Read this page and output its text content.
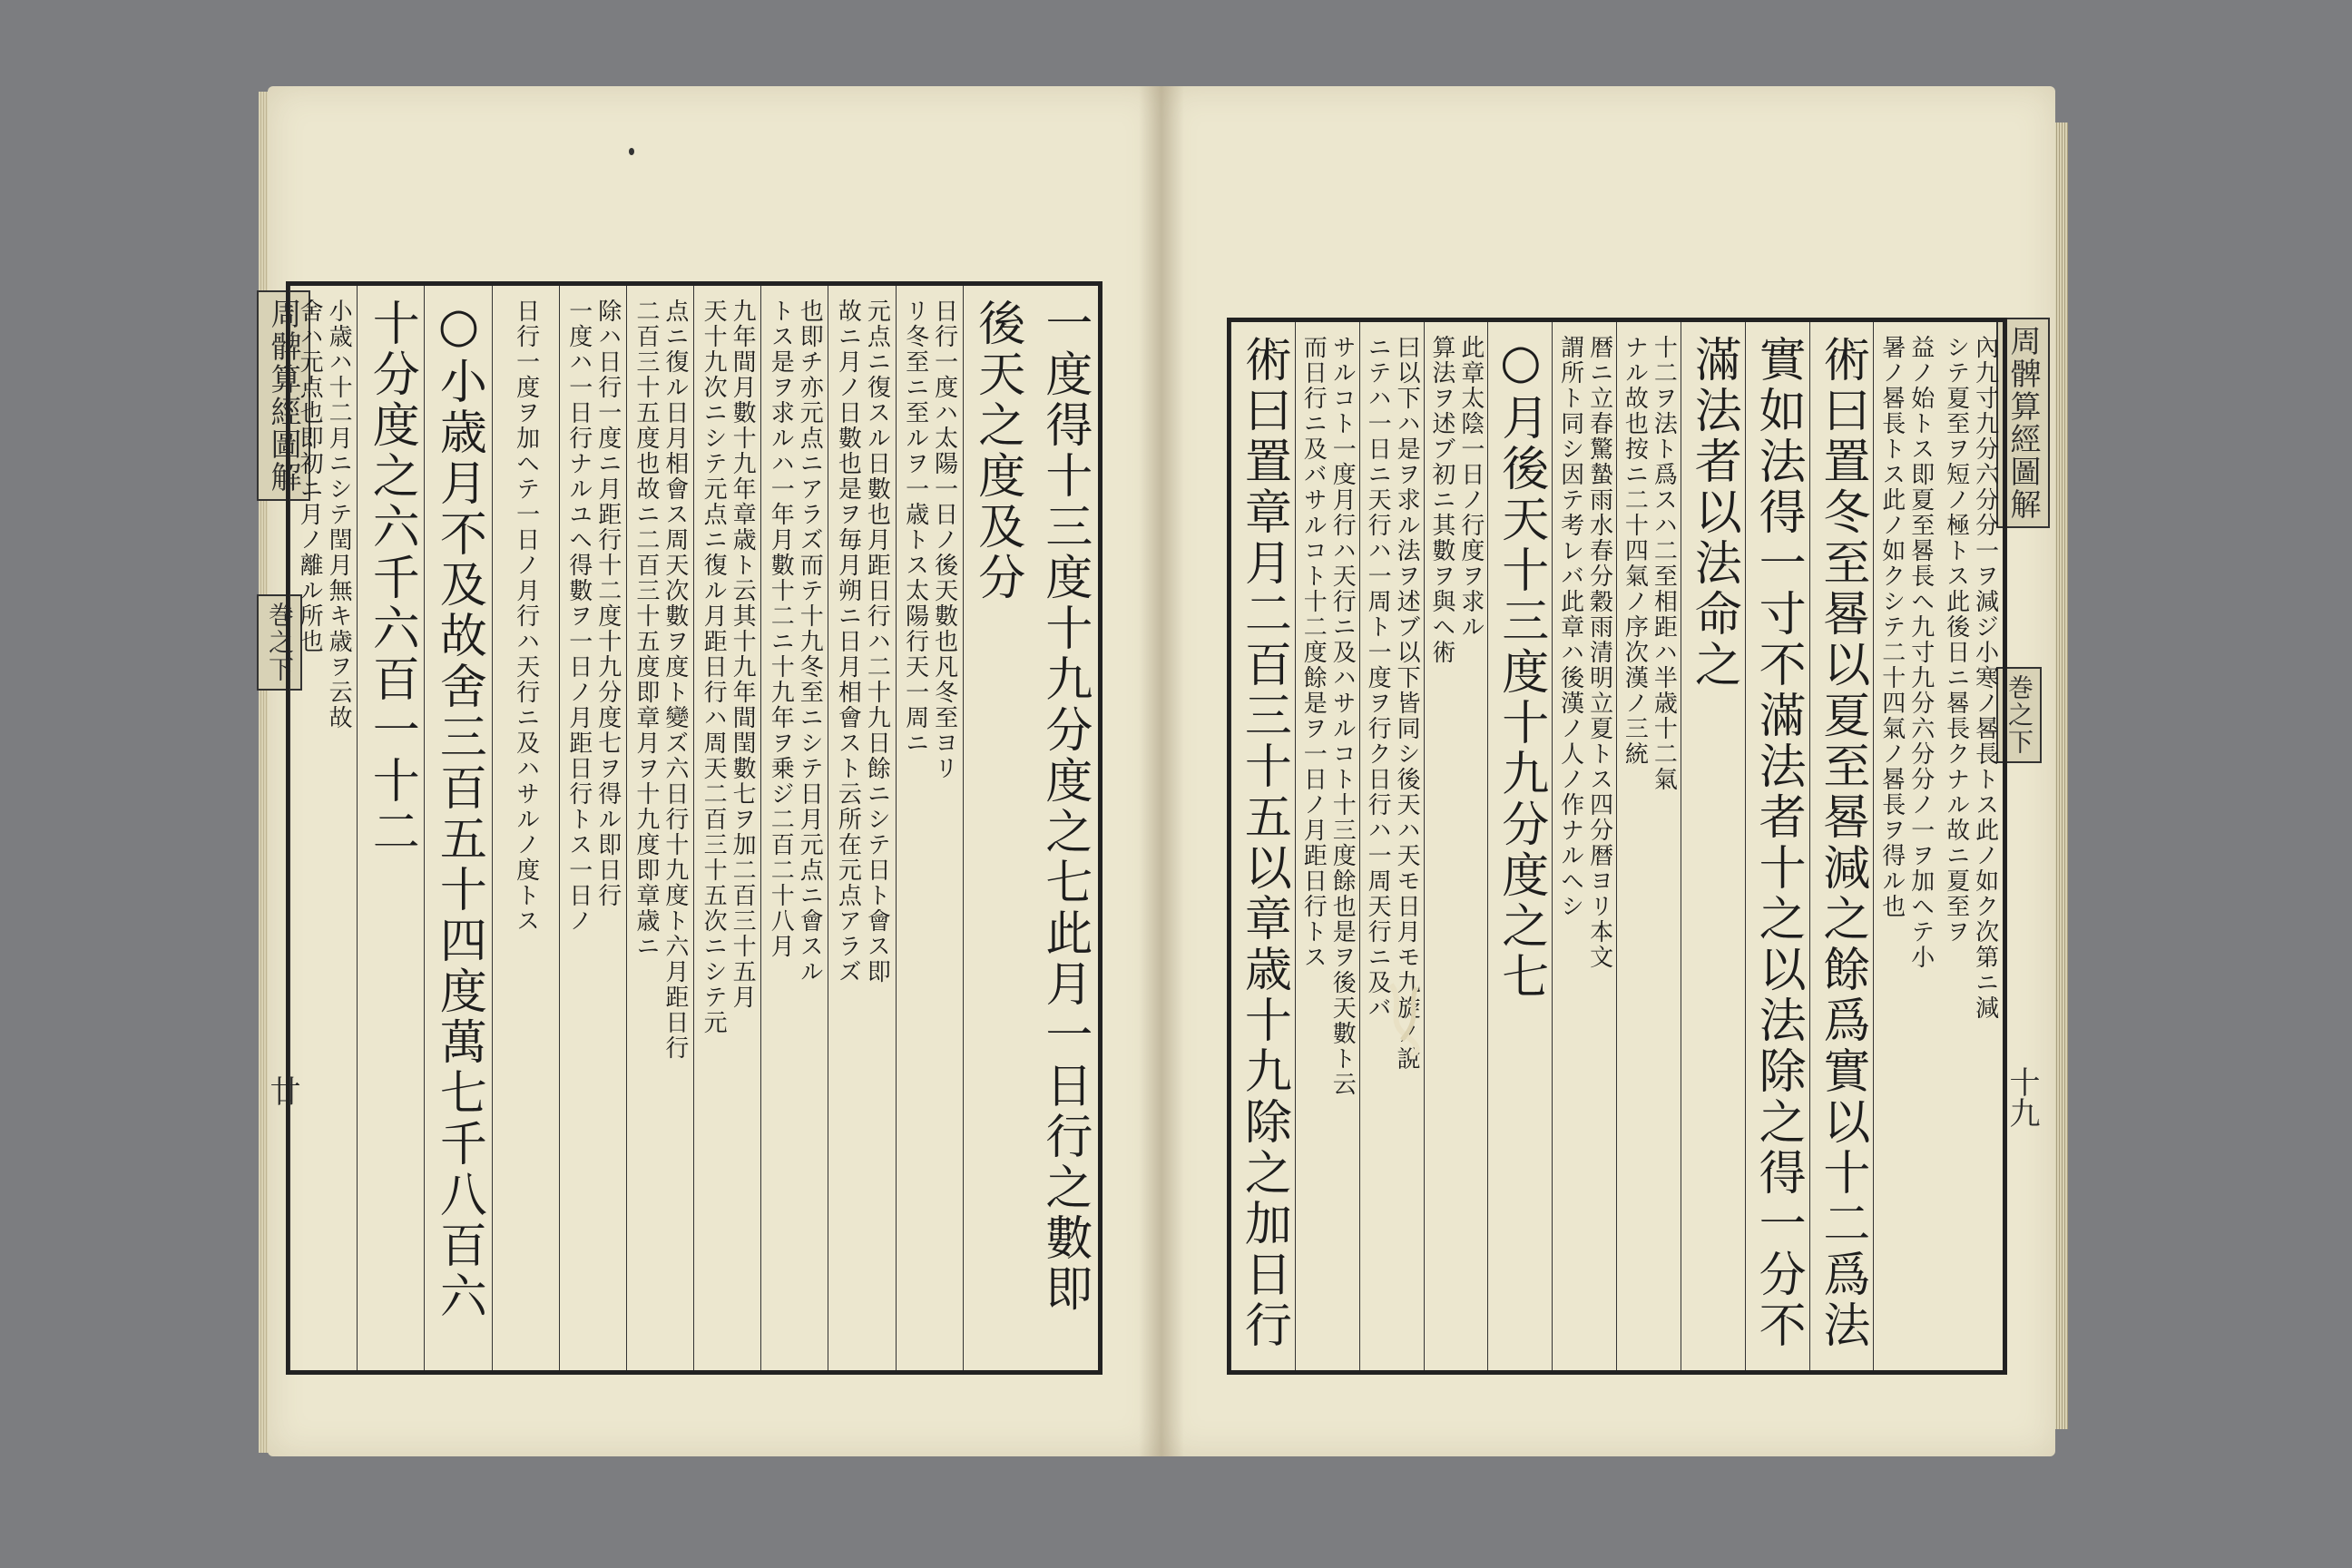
周髀算經圖解
巻之下
廿	一度得十三度十九分度之七此月一日行之數即
後天之度及分
日行一度ハ太陽一日ノ後天數也凡冬至ヨリ
リ冬至ニ至ルヲ一歳トス太陽行天一周ニ
元点ニ復スル日數也月距日行ハ二十九日餘ニシテ日ト會ス即
故ニ月ノ日數也是ヲ毎月朔ニ日月相會スト云所在元点アラズ
也即チ亦元点ニアラズ而テ十九冬至ニシテ日月元点ニ會スル
トス是ヲ求ルハ一年月數十二ニ十九年ヲ乗ジ二百二十八月
九年間月數十九年章歳ト云其十九年間閏數七ヲ加二百三十五月
天十九次ニシテ元点ニ復ル月距日行ハ周天二百三十五次ニシテ元
点ニ復ル日月相會ス周天次數ヲ度ト變ズ六日行十九度ト六月距日行
二百三十五度也故ニ二百三十五度即章月ヲ十九度即章歳ニ
除ハ日行一度ニ月距行十二度十九分度七ヲ得ル即日行
一度ハ一日行ナルユヘ得數ヲ一日ノ月距日行トス一日ノ
日行一度ヲ加ヘテ一日ノ月行ハ天行ニ及ハサルノ度トス
○小歳月不及故舍三百五十四度萬七千八百六
十分度之六千六百一十二
小歳ハ十二月ニシテ閏月無キ歳ヲ云故
舍ハ元点也即初ニ月ノ離ル所也	周髀算經圖解
巻之下
十九
內九寸九分六分分一ヲ減ジ小寒ノ晷長トス此ノ如ク次第ニ減
シテ夏至ヲ短ノ極トス此後日ニ晷長クナル故ニ夏至ヲ
益ノ始トス即夏至晷長ヘ九寸九分六分分ノ一ヲ加ヘテ小
暑ノ晷長トス此ノ如クシテ二十四氣ノ晷長ヲ得ル也
術曰置冬至晷以夏至晷減之餘爲實以十二爲法
實如法得一寸不滿法者十之以法除之得一分不
滿法者以法命之
十二ヲ法ト爲スハ二至相距ハ半歳十二氣
ナル故也按ニ二十四氣ノ序次漢ノ三統
暦ニ立春驚蟄雨水春分穀雨清明立夏トス四分暦ヨリ本文
謂所ト同シ因テ考レバ此章ハ後漢ノ人ノ作ナルヘシ
○月後天十三度十九分度之七
此章太陰一日ノ行度ヲ求ル
算法ヲ述ブ初ニ其數ヲ與ヘ術
曰以下ハ是ヲ求ル法ヲ述ブ以下皆同シ後天ハ天モ日月モ九旋ノ說
ニテハ一日ニ天行ハ一周ト一度ヲ行ク日行ハ一周天行ニ及バ
サルコト一度月行ハ天行ニ及ハサルコト十三度餘也是ヲ後天數ト云
而日行ニ及バサルコト十二度餘是ヲ一日ノ月距日行トス
術曰置章月二百三十五以章歳十九除之加日行
